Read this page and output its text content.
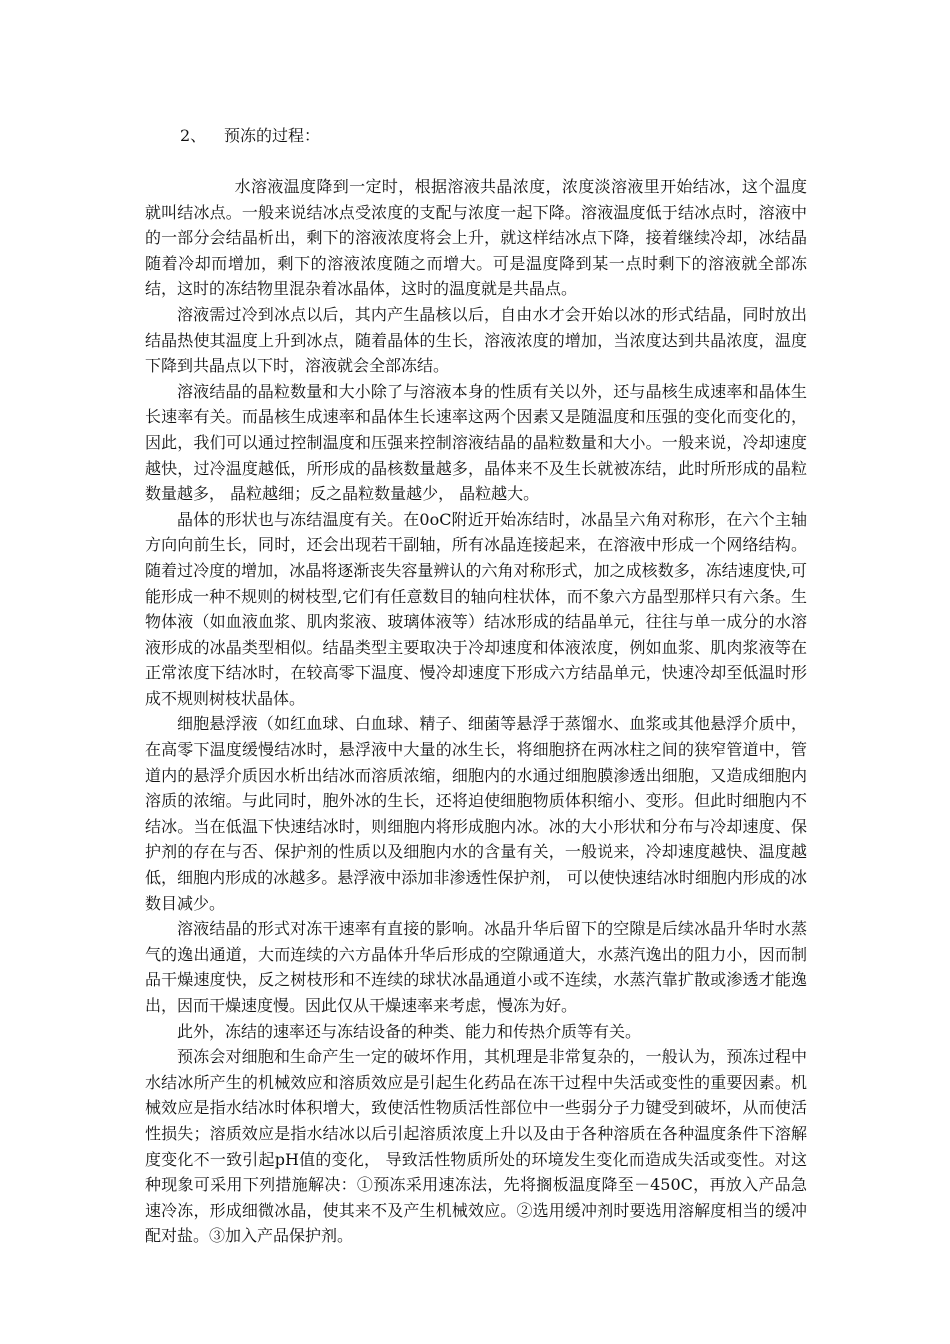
2、 预冻的过程：

水溶液温度降到一定时，根据溶液共晶浓度，浓度淡溶液里开始结冰，这个温度就叫结冰点。一般来说结冰点受浓度的支配与浓度一起下降。溶液温度低于结冰点时，溶液中的一部分会结晶析出，剩下的溶液浓度将会上升，就这样结冰点下降，接着继续冷却，冰结晶随着冷却而增加，剩下的溶液浓度随之而增大。可是温度降到某一点时剩下的溶液就全部冻结，这时的冻结物里混杂着冰晶体，这时的温度就是共晶点。

溶液需过冷到冰点以后，其内产生晶核以后，自由水才会开始以冰的形式结晶，同时放出结晶热使其温度上升到冰点，随着晶体的生长，溶液浓度的增加，当浓度达到共晶浓度，温度下降到共晶点以下时，溶液就会全部冻结。

溶液结晶的晶粒数量和大小除了与溶液本身的性质有关以外，还与晶核生成速率和晶体生长速率有关。而晶核生成速率和晶体生长速率这两个因素又是随温度和压强的变化而变化的，因此，我们可以通过控制温度和压强来控制溶液结晶的晶粒数量和大小。一般来说，冷却速度越快，过冷温度越低，所形成的晶核数量越多，晶体来不及生长就被冻结，此时所形成的晶粒数量越多， 晶粒越细；反之晶粒数量越少， 晶粒越大。

晶体的形状也与冻结温度有关。在0oC附近开始冻结时，冰晶呈六角对称形，在六个主轴方向向前生长，同时，还会出现若干副轴，所有冰晶连接起来，在溶液中形成一个网络结构。随着过冷度的增加，冰晶将逐渐丧失容量辨认的六角对称形式，加之成核数多，冻结速度快,可能形成一种不规则的树枝型,它们有任意数目的轴向柱状体，而不象六方晶型那样只有六条。生物体液（如血液血浆、肌肉浆液、玻璃体液等）结冰形成的结晶单元，往往与单一成分的水溶液形成的冰晶类型相似。结晶类型主要取决于冷却速度和体液浓度，例如血浆、肌肉浆液等在正常浓度下结冰时，在较高零下温度、慢冷却速度下形成六方结晶单元，快速冷却至低温时形成不规则树枝状晶体。

细胞悬浮液（如红血球、白血球、精子、细菌等悬浮于蒸馏水、血浆或其他悬浮介质中，在高零下温度缓慢结冰时，悬浮液中大量的冰生长，将细胞挤在两冰柱之间的狭窄管道中，管道内的悬浮介质因水析出结冰而溶质浓缩，细胞内的水通过细胞膜渗透出细胞，又造成细胞内溶质的浓缩。与此同时，胞外冰的生长，还将迫使细胞物质体积缩小、变形。但此时细胞内不结冰。当在低温下快速结冰时，则细胞内将形成胞内冰。冰的大小形状和分布与冷却速度、保护剂的存在与否、保护剂的性质以及细胞内水的含量有关，一般说来，冷却速度越快、温度越低，细胞内形成的冰越多。悬浮液中添加非渗透性保护剂， 可以使快速结冰时细胞内形成的冰数目减少。

溶液结晶的形式对冻干速率有直接的影响。冰晶升华后留下的空隙是后续冰晶升华时水蒸气的逸出通道，大而连续的六方晶体升华后形成的空隙通道大，水蒸汽逸出的阻力小，因而制品干燥速度快，反之树枝形和不连续的球状冰晶通道小或不连续，水蒸汽靠扩散或渗透才能逸出，因而干燥速度慢。因此仅从干燥速率来考虑，慢冻为好。

此外，冻结的速率还与冻结设备的种类、能力和传热介质等有关。

预冻会对细胞和生命产生一定的破坏作用，其机理是非常复杂的，一般认为，预冻过程中水结冰所产生的机械效应和溶质效应是引起生化药品在冻干过程中失活或变性的重要因素。机械效应是指水结冰时体积增大，致使活性物质活性部位中一些弱分子力键受到破坏，从而使活性损失；溶质效应是指水结冰以后引起溶质浓度上升以及由于各种溶质在各种温度条件下溶解度变化不一致引起pH值的变化， 导致活性物质所处的环境发生变化而造成失活或变性。对这种现象可采用下列措施解决：①预冻采用速冻法，先将搁板温度降至－450C，再放入产品急速冷冻，形成细微冰晶，使其来不及产生机械效应。②选用缓冲剂时要选用溶解度相当的缓冲配对盐。③加入产品保护剂。
